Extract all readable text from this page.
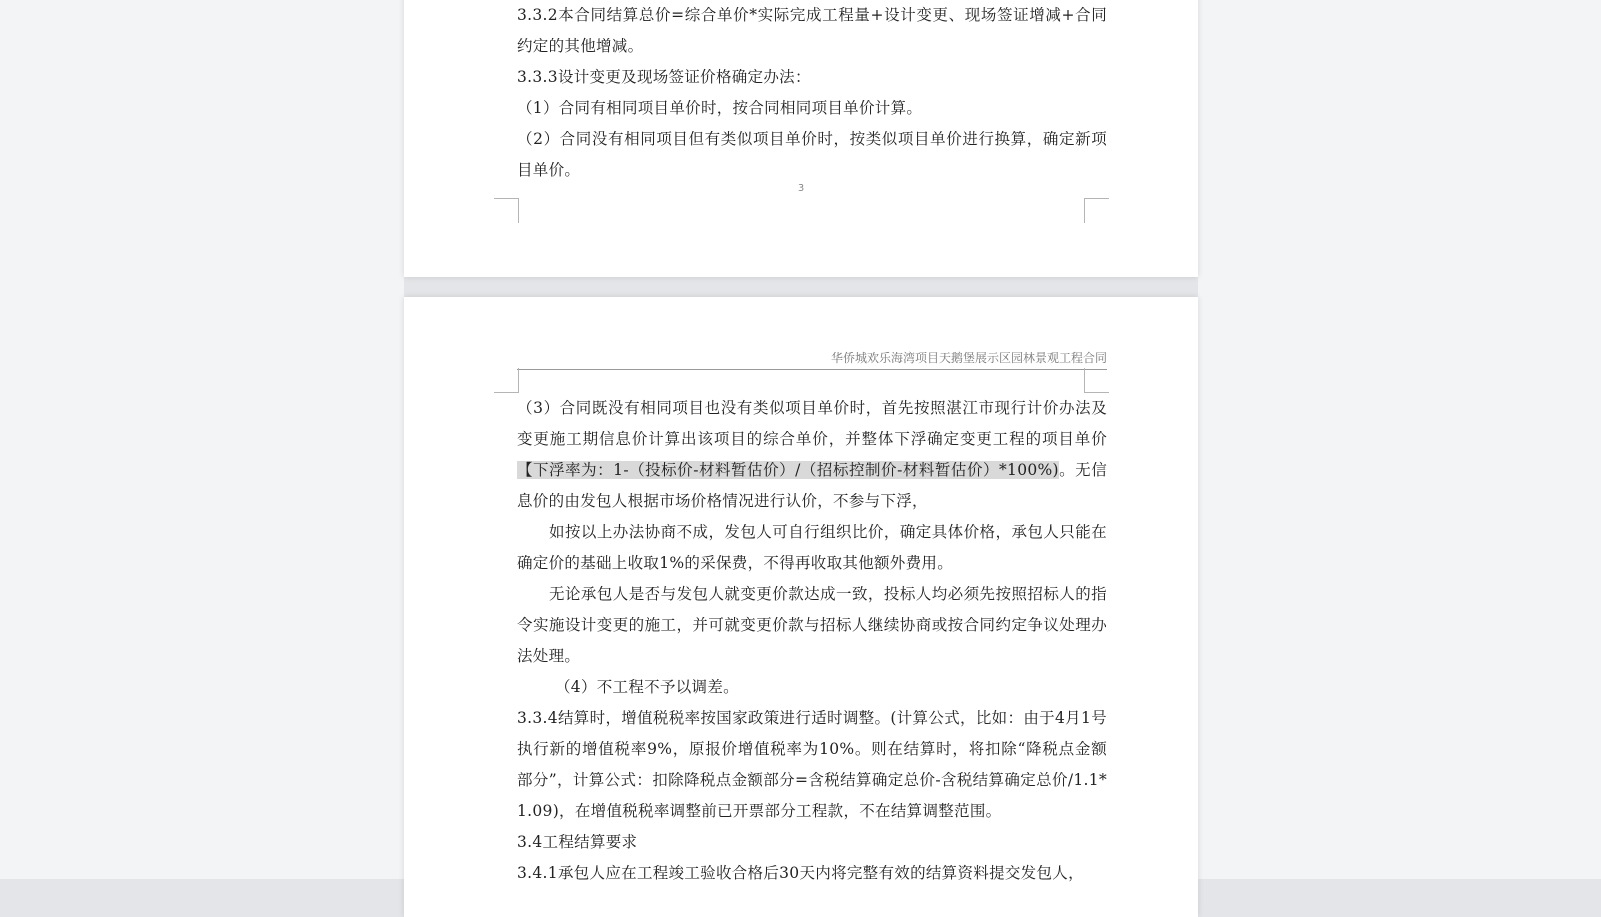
3.3.2本合同结算总价=综合单价*实际完成工程量+设计变更、现场签证增减+合同约定的其他增减。

3.3.3设计变更及现场签证价格确定办法：

（1）合同有相同项目单价时，按合同相同项目单价计算。

（2）合同没有相同项目但有类似项目单价时，按类似项目单价进行换算，确定新项目单价。

3
华侨城欢乐海湾项目天鹅堡展示区园林景观工程合同

（3）合同既没有相同项目也没有类似项目单价时，首先按照湛江市现行计价办法及变更施工期信息价计算出该项目的综合单价，并整体下浮确定变更工程的项目单价【下浮率为：1-（投标价-材料暂估价）/（招标控制价-材料暂估价）*100%)。无信息价的由发包人根据市场价格情况进行认价，不参与下浮，

如按以上办法协商不成，发包人可自行组织比价，确定具体价格，承包人只能在确定价的基础上收取1%的采保费，不得再收取其他额外费用。

无论承包人是否与发包人就变更价款达成一致，投标人均必须先按照招标人的指令实施设计变更的施工，并可就变更价款与招标人继续协商或按合同约定争议处理办法处理。

（4）不工程不予以调差。

3.3.4结算时，增值税税率按国家政策进行适时调整。(计算公式，比如：由于4月1号执行新的增值税率9%，原报价增值税率为10%。则在结算时，将扣除“降税点金额部分”，计算公式：扣除降税点金额部分=含税结算确定总价-含税结算确定总价/1.1*1.09)，在增值税税率调整前已开票部分工程款，不在结算调整范围。

3.4工程结算要求

3.4.1承包人应在工程竣工验收合格后30天内将完整有效的结算资料提交发包人，
